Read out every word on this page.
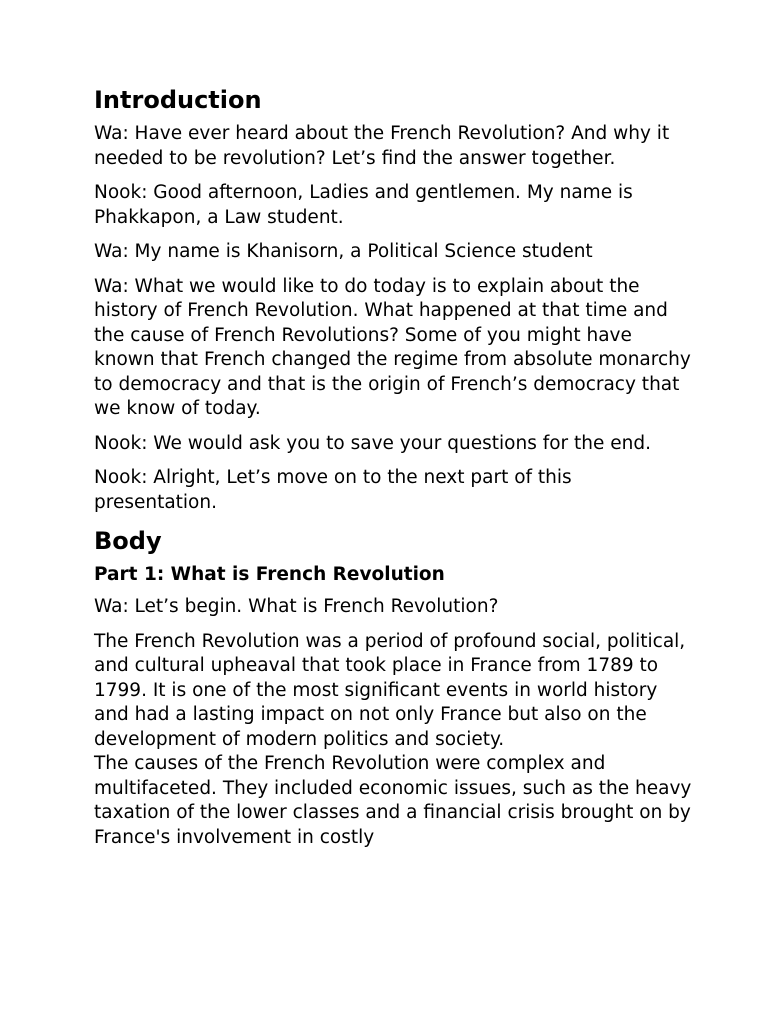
Introduction
Wa: Have ever heard about the French Revolution? And why it needed to be revolution? Let’s find the answer together.
Nook: Good afternoon, Ladies and gentlemen. My name is Phakkapon, a Law student.
Wa: My name is Khanisorn, a Political Science student
Wa: What we would like to do today is to explain about the history of French Revolution. What happened at that time and the cause of French Revolutions? Some of you might have known that French changed the regime from absolute monarchy to democracy and that is the origin of French’s democracy that we know of today.
Nook: We would ask you to save your questions for the end.
Nook: Alright, Let’s move on to the next part of this presentation.
Body
Part 1: What is French Revolution
Wa: Let’s begin. What is French Revolution?
The French Revolution was a period of profound social, political, and cultural upheaval that took place in France from 1789 to 1799. It is one of the most significant events in world history and had a lasting impact on not only France but also on the development of modern politics and society.
The causes of the French Revolution were complex and multifaceted. They included economic issues, such as the heavy taxation of the lower classes and a financial crisis brought on by France's involvement in costly
